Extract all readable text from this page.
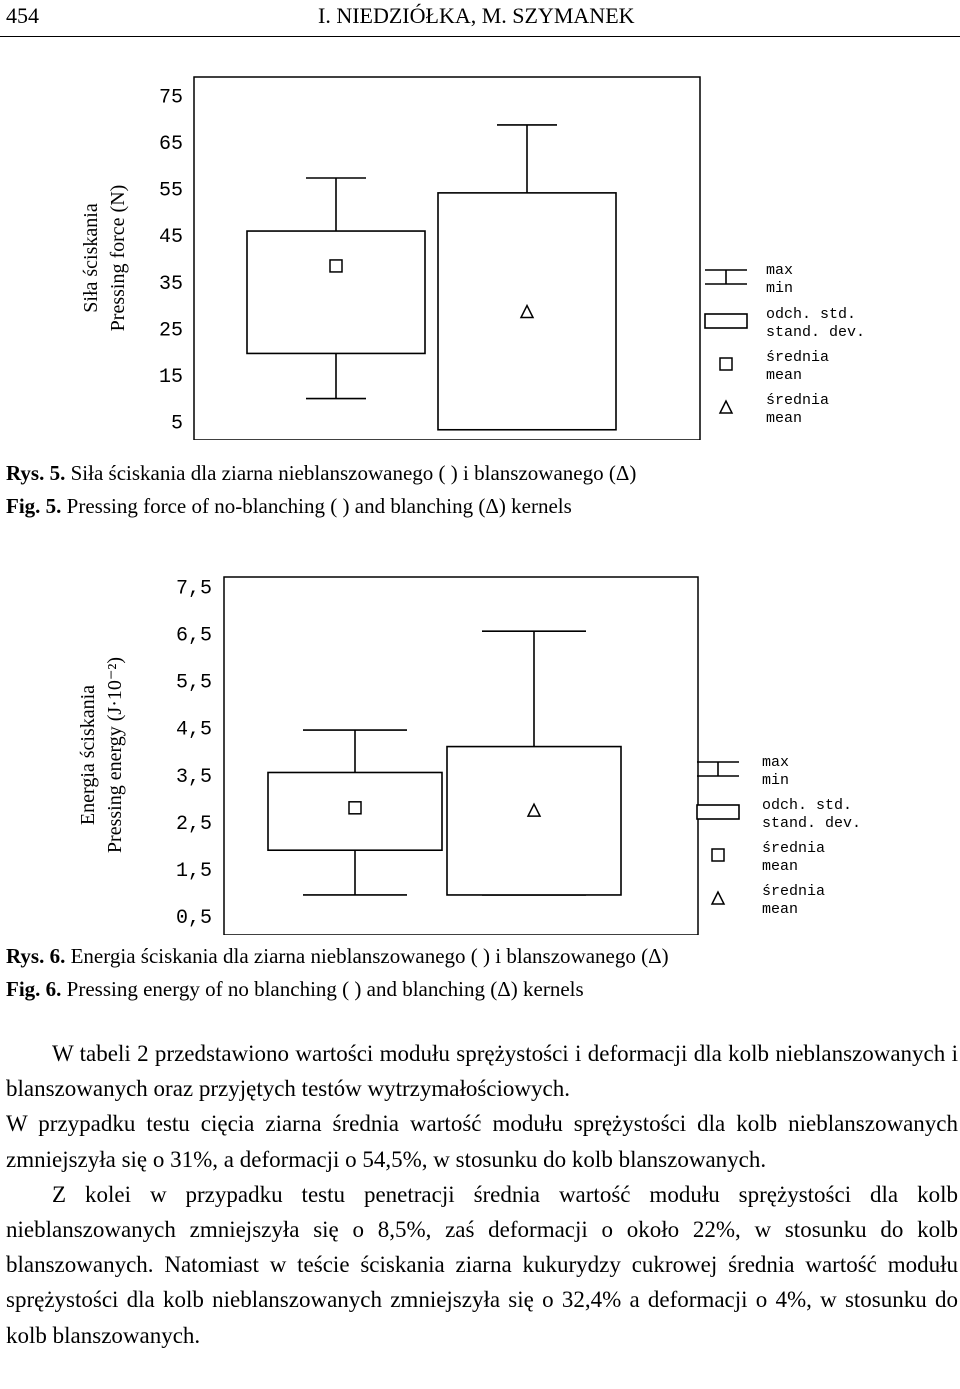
454	I. NIEDZIÓŁKA, M. SZYMANEK
75
65
55
45
35
25
15
5
Siła ściskania Pressing force (N)	max
min
odch. std.
stand. dev.
średnia
mean
średnia
mean
Rys. 5. Siła ściskania dla ziarna nieblanszowanego ( ) i blanszowanego (Δ)
Fig. 5. Pressing force of no-blanching ( ) and blanching (Δ) kernels
7,5
6,5
5,5
4,5
3,5
2,5
1,5
0,5
Energia ściskania Pressing energy (J·10⁻²)	max
min
odch. std.
stand. dev.
średnia
mean
średnia
mean
Rys. 6. Energia ściskania dla ziarna nieblanszowanego ( ) i blanszowanego (Δ)
Fig. 6. Pressing energy of no blanching ( ) and blanching (Δ) kernels

W tabeli 2 przedstawiono wartości modułu sprężystości i deformacji dla kolb nieblanszowanych i blanszowanych oraz przyjętych testów wytrzymałościowych.

W przypadku testu cięcia ziarna średnia wartość modułu sprężystości dla kolb nieblanszowanych zmniejszyła się o 31%, a deformacji o 54,5%, w stosunku do kolb blanszowanych.

Z kolei w przypadku testu penetracji średnia wartość modułu sprężystości dla kolb nieblanszowanych zmniejszyła się o 8,5%, zaś deformacji o około 22%, w stosunku do kolb blanszowanych. Natomiast w teście ściskania ziarna kukurydzy cukrowej średnia wartość modułu sprężystości dla kolb nieblanszowanych zmniejszyła się o 32,4% a deformacji o 4%, w stosunku do kolb blanszowanych.
